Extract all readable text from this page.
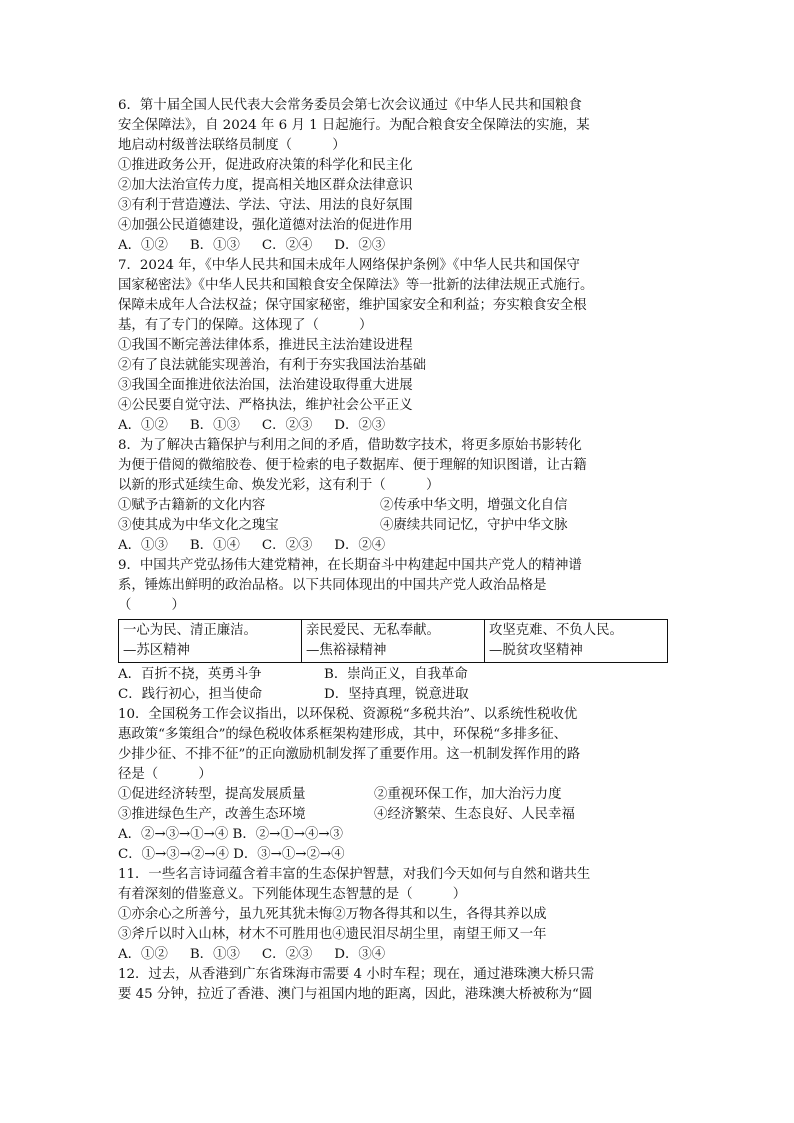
6．第十届全国人民代表大会常务委员会第七次会议通过《中华人民共和国粮食
安全保障法》，自 2024 年 6 月 1 日起施行。为配合粮食安全保障法的实施，某
地启动村级普法联络员制度（　　　）
①推进政务公开，促进政府决策的科学化和民主化
②加大法治宣传力度，提高相关地区群众法律意识
③有利于营造遵法、学法、守法、用法的良好氛围
④加强公民道德建设，强化道德对法治的促进作用
A．①② B．①③ C．②④ D．②③
7．2024 年，《中华人民共和国未成年人网络保护条例》《中华人民共和国保守
国家秘密法》《中华人民共和国粮食安全保障法》等一批新的法律法规正式施行。
保障未成年人合法权益；保守国家秘密，维护国家安全和利益；夯实粮食安全根
基，有了专门的保障。这体现了（　　　）
①我国不断完善法律体系，推进民主法治建设进程
②有了良法就能实现善治，有利于夯实我国法治基础
③我国全面推进依法治国，法治建设取得重大进展
④公民要自觉守法、严格执法，维护社会公平正义
A．①② B．①③ C．②③ D．②③
8．为了解决古籍保护与利用之间的矛盾，借助数字技术，将更多原始书影转化
为便于借阅的微缩胶卷、便于检索的电子数据库、便于理解的知识图谱，让古籍
以新的形式延续生命、焕发光彩，这有利于（　　　）
①赋予古籍新的文化内容	②传承中华文明，增强文化自信
③使其成为中华文化之瑰宝	④赓续共同记忆，守护中华文脉
A．①③ B．①④ C．②③ D．②④
9．中国共产党弘扬伟大建党精神，在长期奋斗中构建起中国共产党人的精神谱
系，锤炼出鲜明的政治品格。以下共同体现出的中国共产党人政治品格是
（　　　）
一心为民、清正廉洁。
—苏区精神

亲民爱民、无私奉献。
—焦裕禄精神

攻坚克难、不负人民。
—脱贫攻坚精神
A．百折不挠，英勇斗争	B．崇尚正义，自我革命
C．践行初心，担当使命	D．坚持真理，锐意进取
10．全国税务工作会议指出，以环保税、资源税“多税共治”、以系统性税收优
惠政策“多策组合”的绿色税收体系框架构建形成，其中，环保税“多排多征、
少排少征、不排不征”的正向激励机制发挥了重要作用。这一机制发挥作用的路
径是（　　　）
①促进经济转型，提高发展质量	②重视环保工作，加大治污力度
③推进绿色生产，改善生态环境	④经济繁荣、生态良好、人民幸福
A．②→③→①→④ B．②→①→④→③
C．①→③→②→④ D．③→①→②→④
11．一些名言诗词蕴含着丰富的生态保护智慧，对我们今天如何与自然和谐共生
有着深刻的借鉴意义。下列能体现生态智慧的是（　　　）
①亦余心之所善兮，虽九死其犹未悔②万物各得其和以生，各得其养以成
③斧斤以时入山林，材木不可胜用也④遗民泪尽胡尘里，南望王师又一年
A．①② B．①③ C．②③ D．③④
12．过去，从香港到广东省珠海市需要 4 小时车程；现在，通过港珠澳大桥只需
要 45 分钟，拉近了香港、澳门与祖国内地的距离，因此，港珠澳大桥被称为“圆
